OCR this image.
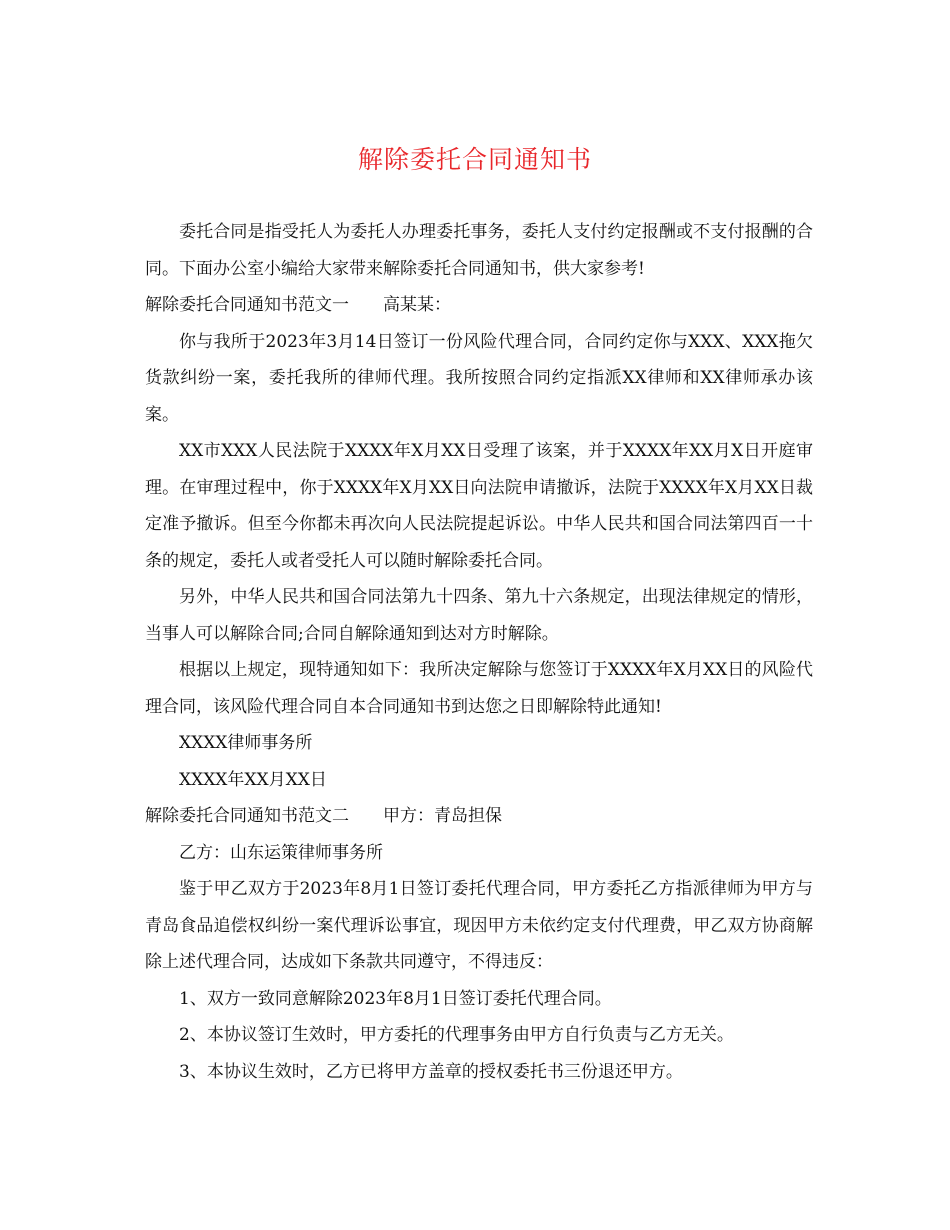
解除委托合同通知书

委托合同是指受托人为委托人办理委托事务，委托人支付约定报酬或不支付报酬的合同。下面办公室小编给大家带来解除委托合同通知书，供大家参考!

解除委托合同通知书范文一　　高某某：

你与我所于2023年3月14日签订一份风险代理合同，合同约定你与XXX、XXX拖欠货款纠纷一案，委托我所的律师代理。我所按照合同约定指派XX律师和XX律师承办该案。

XX市XXX人民法院于XXXX年X月XX日受理了该案，并于XXXX年XX月X日开庭审理。在审理过程中，你于XXXX年X月XX日向法院申请撤诉，法院于XXXX年X月XX日裁定准予撤诉。但至今你都未再次向人民法院提起诉讼。中华人民共和国合同法第四百一十条的规定，委托人或者受托人可以随时解除委托合同。

另外，中华人民共和国合同法第九十四条、第九十六条规定，出现法律规定的情形，当事人可以解除合同;合同自解除通知到达对方时解除。

根据以上规定，现特通知如下：我所决定解除与您签订于XXXX年X月XX日的风险代理合同，该风险代理合同自本合同通知书到达您之日即解除特此通知!

XXXX律师事务所

XXXX年XX月XX日

解除委托合同通知书范文二　　甲方：青岛担保

乙方：山东运策律师事务所

鉴于甲乙双方于2023年8月1日签订委托代理合同，甲方委托乙方指派律师为甲方与青岛食品追偿权纠纷一案代理诉讼事宜，现因甲方未依约定支付代理费，甲乙双方协商解除上述代理合同，达成如下条款共同遵守，不得违反：

1、双方一致同意解除2023年8月1日签订委托代理合同。

2、本协议签订生效时，甲方委托的代理事务由甲方自行负责与乙方无关。

3、本协议生效时，乙方已将甲方盖章的授权委托书三份退还甲方。
